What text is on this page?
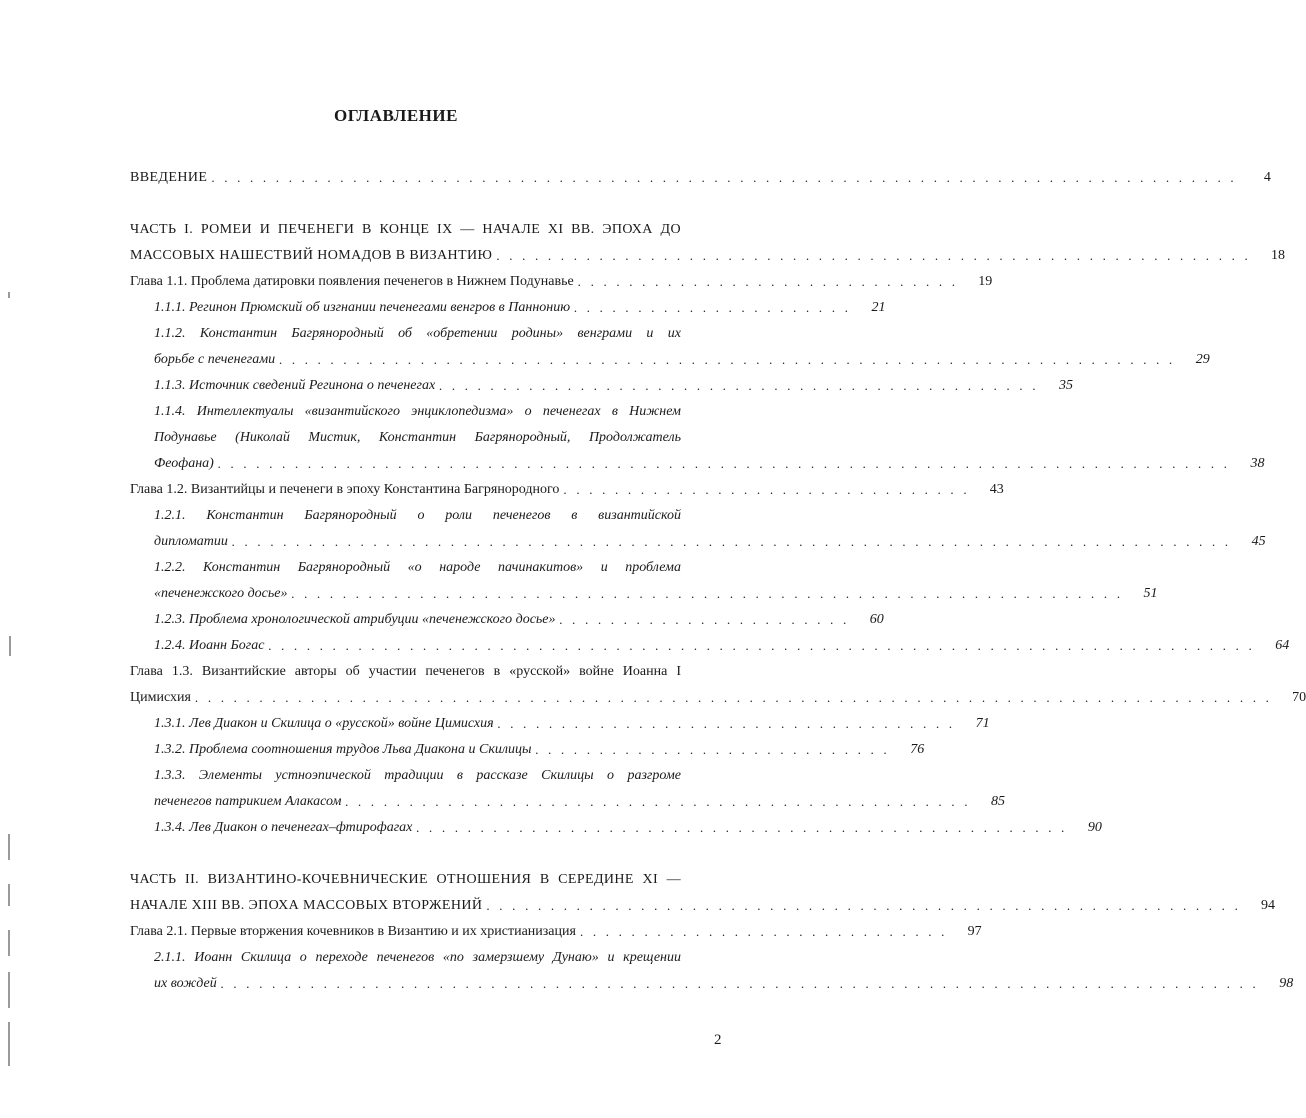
ОГЛАВЛЕНИЕ
ВВЕДЕНИЕ . . . . . . . . . . . . . . . . . . . . . . . . . . . . . . . . . . . . . . . . . . . . . . . . . . . . . . . . . . . . . . . . . . . . . . . . . . . . . . . .	4
ЧАСТЬ I. РОМЕИ И ПЕЧЕНЕГИ В КОНЦЕ IX — НАЧАЛЕ XI ВВ. ЭПОХА ДО
МАССОВЫХ НАШЕСТВИЙ НОМАДОВ В ВИЗАНТИЮ . . . . . . . . . . . . . . . . . . . . . . . . . . . . . . . . . . . . . . . . . . . . . . . . . . . . . . . . . . .	18
Глава 1.1. Проблема датировки появления печенегов в Нижнем Подунавье . . . . . . . . . . . . . . . . . . . . . . . . . . . . . .	19
1.1.1. Регинон Прюмский об изгнании печенегами венгров в Паннонию . . . . . . . . . . . . . . . . . . . . . .	21
1.1.2. Константин Багрянородный об «обретении родины» венграми и их
борьбе с печенегами . . . . . . . . . . . . . . . . . . . . . . . . . . . . . . . . . . . . . . . . . . . . . . . . . . . . . . . . . . . . . . . . . . . . . .	29
1.1.3. Источник сведений Регинона о печенегах . . . . . . . . . . . . . . . . . . . . . . . . . . . . . . . . . . . . . . . . . . . . . . .	35
1.1.4. Интеллектуалы «византийского энциклопедизма» о печенегах в Нижнем
Подунавье (Николай Мистик, Константин Багрянородный, Продолжатель
Феофана) . . . . . . . . . . . . . . . . . . . . . . . . . . . . . . . . . . . . . . . . . . . . . . . . . . . . . . . . . . . . . . . . . . . . . . . . . . . . . . .	38
Глава 1.2. Византийцы и печенеги в эпоху Константина Багрянородного . . . . . . . . . . . . . . . . . . . . . . . . . . . . . . . .	43
1.2.1. Константин Багрянородный о роли печенегов в византийской
дипломатии . . . . . . . . . . . . . . . . . . . . . . . . . . . . . . . . . . . . . . . . . . . . . . . . . . . . . . . . . . . . . . . . . . . . . . . . . . . . . .	45
1.2.2. Константин Багрянородный «о народе пачинакитов» и проблема
«печенежского досье» . . . . . . . . . . . . . . . . . . . . . . . . . . . . . . . . . . . . . . . . . . . . . . . . . . . . . . . . . . . . . . . . .	51
1.2.3. Проблема хронологической атрибуции «печенежского досье» . . . . . . . . . . . . . . . . . . . . . . .	60
1.2.4. Иоанн Богас . . . . . . . . . . . . . . . . . . . . . . . . . . . . . . . . . . . . . . . . . . . . . . . . . . . . . . . . . . . . . . . . . . . . . . . . . . . . .	64
Глава 1.3. Византийские авторы об участии печенегов в «русской» войне Иоанна I
Цимисхия . . . . . . . . . . . . . . . . . . . . . . . . . . . . . . . . . . . . . . . . . . . . . . . . . . . . . . . . . . . . . . . . . . . . . . . . . . . . . . . . . . . .	70
1.3.1. Лев Диакон и Скилица о «русской» войне Цимисхия . . . . . . . . . . . . . . . . . . . . . . . . . . . . . . . . . . . .	71
1.3.2. Проблема соотношения трудов Льва Диакона и Скилицы . . . . . . . . . . . . . . . . . . . . . . . . . . . .	76
1.3.3. Элементы устноэпической традиции в рассказе Скилицы о разгроме
печенегов патрикием Алакасом . . . . . . . . . . . . . . . . . . . . . . . . . . . . . . . . . . . . . . . . . . . . . . . . .	85
1.3.4. Лев Диакон о печенегах–фтирофагах . . . . . . . . . . . . . . . . . . . . . . . . . . . . . . . . . . . . . . . . . . . . . . . . . . .	90
ЧАСТЬ II. ВИЗАНТИНО-КОЧЕВНИЧЕСКИЕ ОТНОШЕНИЯ В СЕРЕДИНЕ XI —
НАЧАЛЕ XIII ВВ. ЭПОХА МАССОВЫХ ВТОРЖЕНИЙ . . . . . . . . . . . . . . . . . . . . . . . . . . . . . . . . . . . . . . . . . . . . . . . . . . . . . . . . . . .	94
Глава 2.1. Первые вторжения кочевников в Византию и их христианизация . . . . . . . . . . . . . . . . . . . . . . . . . . . . .	97
2.1.1. Иоанн Скилица о переходе печенегов «по замерзшему Дунаю» и крещении
их вождей . . . . . . . . . . . . . . . . . . . . . . . . . . . . . . . . . . . . . . . . . . . . . . . . . . . . . . . . . . . . . . . . . . . . . . . . . . . . . . . . .	98
2
